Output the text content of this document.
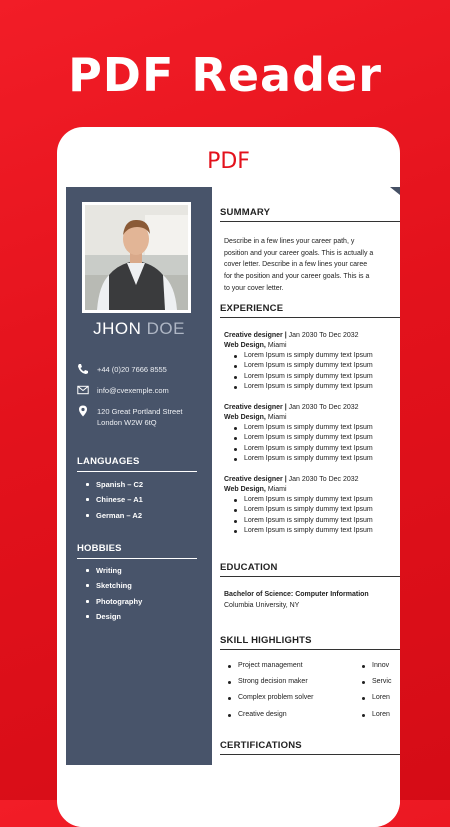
PDF Reader
PDF
JHON DOE
+44 (0)20 7666 8555
info@cvexemple.com
120 Great Portland Street
London W2W 6tQ
LANGUAGES
Spanish – C2
Chinese – A1
German – A2
HOBBIES
Writing
Sketching
Photography
Design
SUMMARY
Describe in a few lines your career path, y
position and your career goals. This is actually a
cover letter. Describe in a few lines your caree
for the position and your career goals. This is a
to your cover letter.
EXPERIENCE
Creative designer | Jan 2030 To Dec 2032
Web Design, Miami
Lorem Ipsum is simply dummy text Ipsum
Lorem Ipsum is simply dummy text Ipsum
Lorem Ipsum is simply dummy text Ipsum
Lorem Ipsum is simply dummy text Ipsum
Creative designer | Jan 2030 To Dec 2032
Web Design, Miami
Lorem Ipsum is simply dummy text Ipsum
Lorem Ipsum is simply dummy text Ipsum
Lorem Ipsum is simply dummy text Ipsum
Lorem Ipsum is simply dummy text Ipsum
Creative designer | Jan 2030 To Dec 2032
Web Design, Miami
Lorem Ipsum is simply dummy text Ipsum
Lorem Ipsum is simply dummy text Ipsum
Lorem Ipsum is simply dummy text Ipsum
Lorem Ipsum is simply dummy text Ipsum
EDUCATION
Bachelor of Science: Computer Information
Columbia University, NY
SKILL HIGHLIGHTS
Project management
Strong decision maker
Complex problem solver
Creative design
Innov
Servic
Loren
Loren
CERTIFICATIONS
